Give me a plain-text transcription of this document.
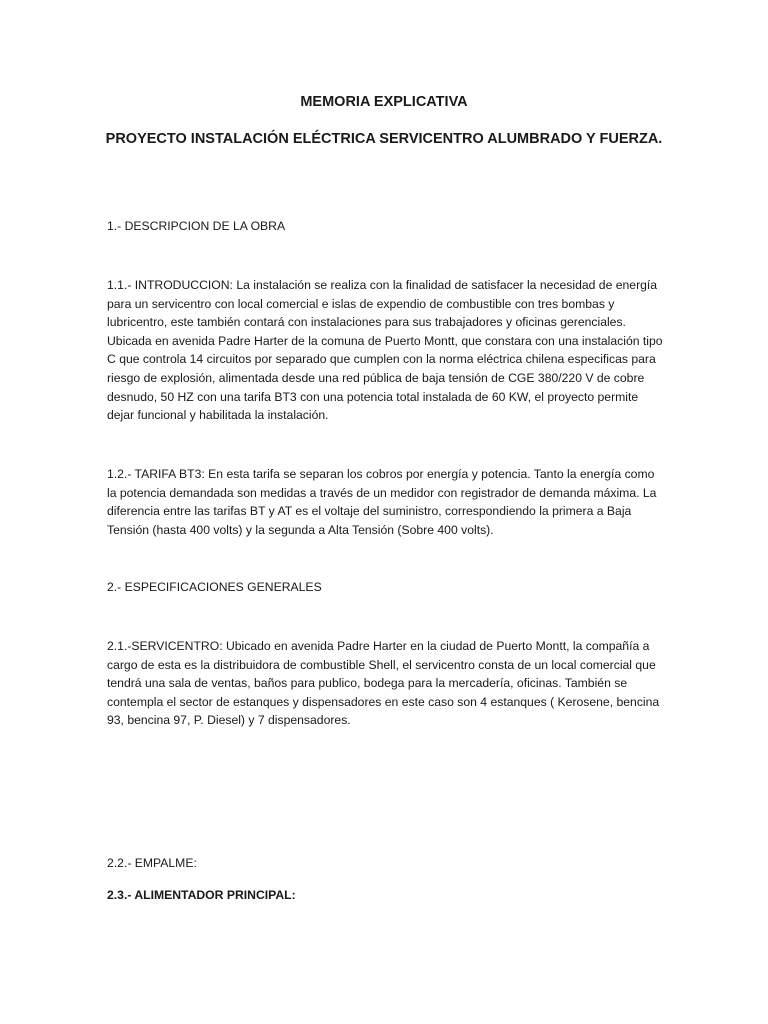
MEMORIA EXPLICATIVA
PROYECTO INSTALACIÓN ELÉCTRICA SERVICENTRO ALUMBRADO Y FUERZA.
1.- DESCRIPCION DE LA OBRA
1.1.- INTRODUCCION: La instalación se realiza con la finalidad de satisfacer la necesidad de energía para un servicentro con local comercial e islas de expendio de combustible con tres bombas y lubricentro, este también contará con instalaciones para sus trabajadores y oficinas gerenciales. Ubicada en avenida Padre Harter de la comuna de Puerto Montt, que constara con una instalación tipo C que controla 14 circuitos por separado que cumplen con la norma eléctrica chilena especificas para riesgo de explosión, alimentada desde una red pública de baja tensión de CGE 380/220 V de cobre desnudo, 50 HZ con una tarifa BT3 con una potencia total instalada de 60 KW, el proyecto permite dejar funcional y habilitada la instalación.
1.2.- TARIFA BT3: En esta tarifa se separan los cobros por energía y potencia. Tanto la energía como la potencia demandada son medidas a través de un medidor con registrador de demanda máxima. La diferencia entre las tarifas BT y AT es el voltaje del suministro, correspondiendo la primera a Baja Tensión (hasta 400 volts) y la segunda a Alta Tensión (Sobre 400 volts).
2.- ESPECIFICACIONES GENERALES
2.1.-SERVICENTRO: Ubicado en avenida Padre Harter en la ciudad de Puerto Montt, la compañía a cargo de esta es la distribuidora de combustible Shell, el servicentro consta de un local comercial que tendrá una sala de ventas, baños para publico, bodega para la mercadería, oficinas. También se contempla el sector de estanques y dispensadores en este caso son 4 estanques ( Kerosene, bencina 93, bencina 97, P. Diesel) y 7 dispensadores.
2.2.- EMPALME:
2.3.- ALIMENTADOR PRINCIPAL:
